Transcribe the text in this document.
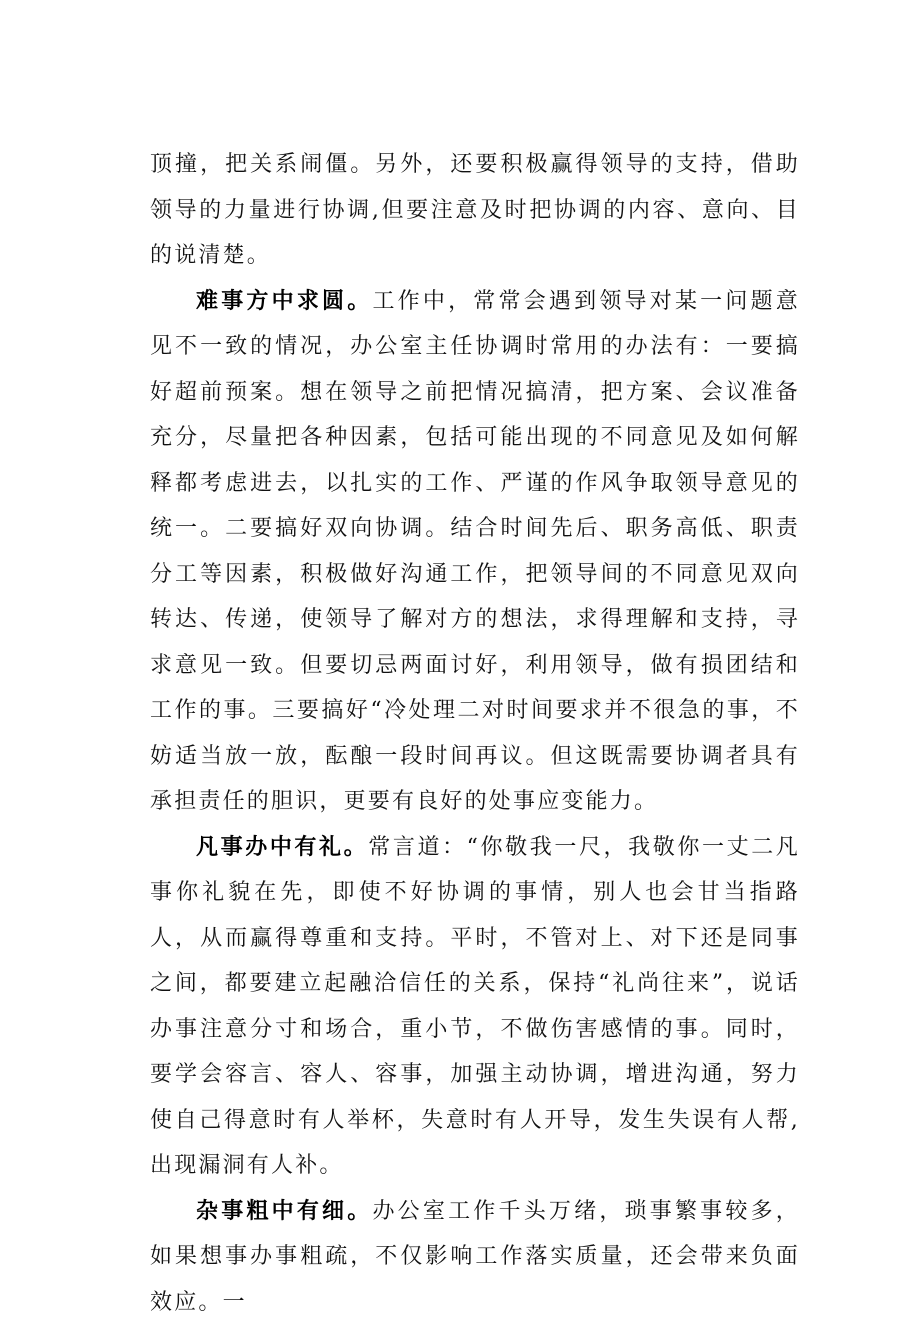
顶撞，把关系闹僵。另外，还要积极赢得领导的支持，借助领导的力量进行协调,但要注意及时把协调的内容、意向、目的说清楚。

难事方中求圆。工作中，常常会遇到领导对某一问题意见不一致的情况，办公室主任协调时常用的办法有：一要搞好超前预案。想在领导之前把情况搞清，把方案、会议准备充分，尽量把各种因素，包括可能出现的不同意见及如何解释都考虑进去，以扎实的工作、严谨的作风争取领导意见的统一。二要搞好双向协调。结合时间先后、职务高低、职责分工等因素，积极做好沟通工作，把领导间的不同意见双向转达、传递，使领导了解对方的想法，求得理解和支持，寻求意见一致。但要切忌两面讨好，利用领导，做有损团结和工作的事。三要搞好“冷处理二对时间要求并不很急的事，不妨适当放一放，酝酿一段时间再议。但这既需要协调者具有承担责任的胆识，更要有良好的处事应变能力。

凡事办中有礼。常言道：“你敬我一尺，我敬你一丈二凡事你礼貌在先，即使不好协调的事情，别人也会甘当指路人，从而赢得尊重和支持。平时，不管对上、对下还是同事之间，都要建立起融洽信任的关系，保持“礼尚往来”，说话办事注意分寸和场合，重小节，不做伤害感情的事。同时，要学会容言、容人、容事，加强主动协调，增进沟通，努力使自己得意时有人举杯，失意时有人开导，发生失误有人帮,出现漏洞有人补。

杂事粗中有细。办公室工作千头万绪，琐事繁事较多，如果想事办事粗疏，不仅影响工作落实质量，还会带来负面效应。一
